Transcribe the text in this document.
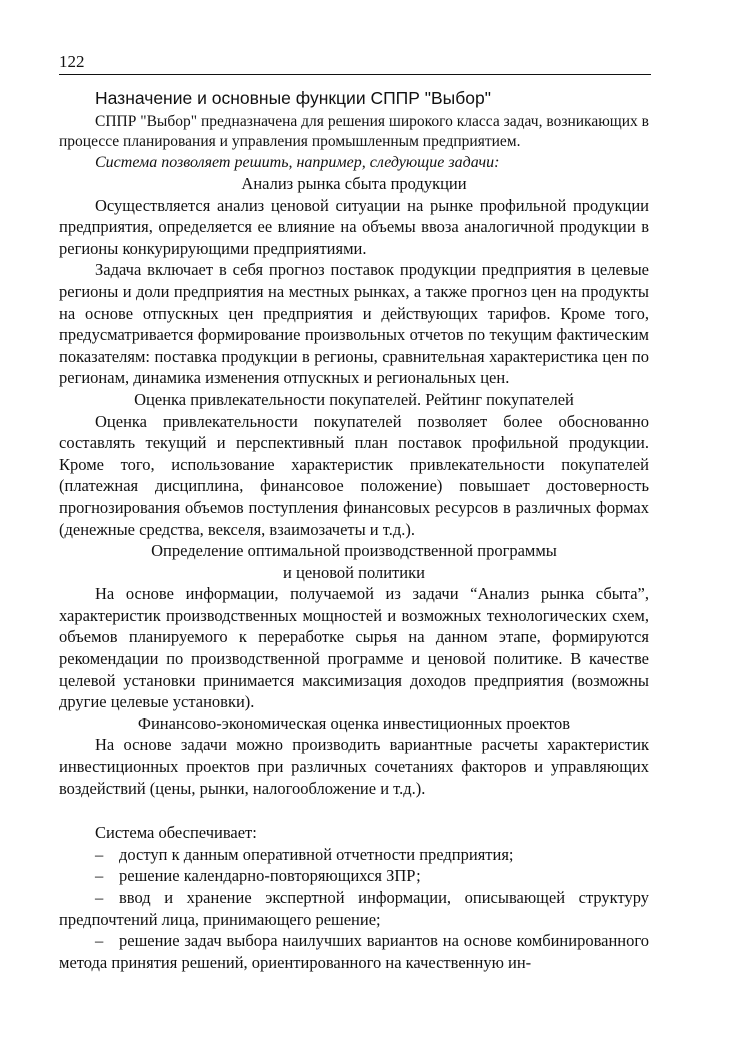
122
Назначение и основные функции СППР "Выбор"

СППР "Выбор" предназначена для решения широкого класса задач, возникающих в процессе планирования и управления промышленным предприятием.

Система позволяет решить, например, следующие задачи:

Анализ рынка сбыта продукции

Осуществляется анализ ценовой ситуации на рынке профильной продукции предприятия, определяется ее влияние на объемы ввоза аналогичной продукции в регионы конкурирующими предприятиями.

Задача включает в себя прогноз поставок продукции предприятия в целевые регионы и доли предприятия на местных рынках, а также прогноз цен на продукты на основе отпускных цен предприятия и действующих тарифов. Кроме того, предусматривается формирование произвольных отчетов по текущим фактическим показателям: поставка продукции в регионы, сравнительная характеристика цен по регионам, динамика изменения отпускных и региональных цен.

Оценка привлекательности покупателей. Рейтинг покупателей

Оценка привлекательности покупателей позволяет более обоснованно составлять текущий и перспективный план поставок профильной продукции. Кроме того, использование характеристик привлекательности покупателей (платежная дисциплина, финансовое положение) повышает достоверность прогнозирования объемов поступления финансовых ресурсов в различных формах (денежные средства, векселя, взаимозачеты и т.д.).

Определение оптимальной производственной программы

и ценовой политики

На основе информации, получаемой из задачи “Анализ рынка сбыта”, характеристик производственных мощностей и возможных технологических схем, объемов планируемого к переработке сырья на данном этапе, формируются рекомендации по производственной программе и ценовой политике. В качестве целевой установки принимается максимизация доходов предприятия (возможны другие целевые установки).

Финансово-экономическая оценка инвестиционных проектов

На основе задачи можно производить вариантные расчеты характеристик инвестиционных проектов при различных сочетаниях факторов и управляющих воздействий (цены, рынки, налогообложение и т.д.).

Система обеспечивает:

– доступ к данным оперативной отчетности предприятия;

– решение календарно-повторяющихся ЗПР;

– ввод и хранение экспертной информации, описывающей структуру предпочтений лица, принимающего решение;

– решение задач выбора наилучших вариантов на основе комбинированного метода принятия решений, ориентированного на качественную ин-
